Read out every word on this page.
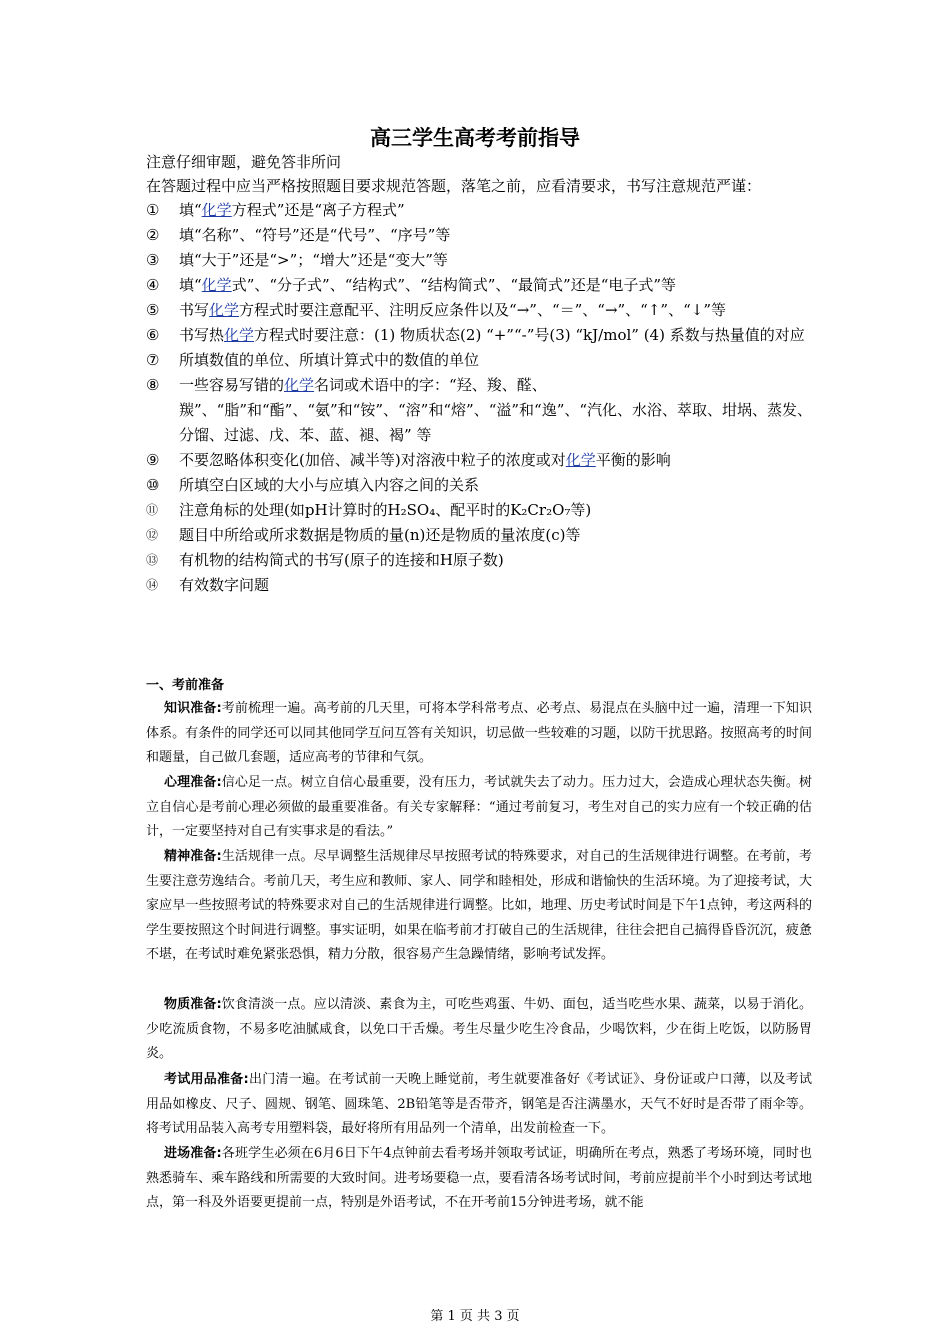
高三学生高考考前指导
注意仔细审题，避免答非所问
在答题过程中应当严格按照题目要求规范答题，落笔之前，应看清要求，书写注意规范严谨：
①	填“化学方程式”还是“离子方程式”
②	填“名称”、“符号”还是“代号”、“序号”等
③	填“大于”还是“>”；“增大”还是“变大”等
④	填“化学式”、“分子式”、“结构式”、“结构简式”、“最简式”还是“电子式”等
⑤	书写化学方程式时要注意配平、注明反应条件以及“→”、“＝”、“→”、“↑”、“↓”等
⑥	书写热化学方程式时要注意：(1) 物质状态(2) “+”“-”号(3) “kJ/mol” (4) 系数与热量值的对应
⑦	所填数值的单位、所填计算式中的数值的单位
⑧	一些容易写错的化学名词或术语中的字：“羟、羧、醛、羰”、“脂”和“酯”、“氨”和“铵”、“溶”和“熔”、“溢”和“逸”、“汽化、水浴、萃取、坩埚、蒸发、分馏、过滤、戊、苯、蓝、褪、褐” 等
⑨	不要忽略体积变化(加倍、减半等)对溶液中粒子的浓度或对化学平衡的影响
⑩	所填空白区域的大小与应填入内容之间的关系
⑪	注意角标的处理(如pH计算时的H₂SO₄、配平时的K₂Cr₂O₇等)
⑫	题目中所给或所求数据是物质的量(n)还是物质的量浓度(c)等
⑬	有机物的结构简式的书写(原子的连接和H原子数)
⑭	有效数字问题
一、考前准备
知识准备:考前梳理一遍。高考前的几天里，可将本学科常考点、必考点、易混点在头脑中过一遍，清理一下知识体系。有条件的同学还可以同其他同学互问互答有关知识，切忌做一些较难的习题，以防干扰思路。按照高考的时间和题量，自己做几套题，适应高考的节律和气氛。
心理准备:信心足一点。树立自信心最重要，没有压力，考试就失去了动力。压力过大，会造成心理状态失衡。树立自信心是考前心理必须做的最重要准备。有关专家解释：“通过考前复习，考生对自己的实力应有一个较正确的估计，一定要坚持对自己有实事求是的看法。”
精神准备:生活规律一点。尽早调整生活规律尽早按照考试的特殊要求，对自己的生活规律进行调整。在考前，考生要注意劳逸结合。考前几天，考生应和教师、家人、同学和睦相处，形成和谐愉快的生活环境。为了迎接考试，大家应早一些按照考试的特殊要求对自己的生活规律进行调整。比如，地理、历史考试时间是下午1点钟，考这两科的学生要按照这个时间进行调整。事实证明，如果在临考前才打破自己的生活规律，往往会把自己搞得昏昏沉沉，疲惫不堪，在考试时难免紧张恐惧，精力分散，很容易产生急躁情绪，影响考试发挥。
物质准备:饮食清淡一点。应以清淡、素食为主，可吃些鸡蛋、牛奶、面包，适当吃些水果、蔬菜，以易于消化。少吃流质食物，不易多吃油腻咸食，以免口干舌燥。考生尽量少吃生冷食品，少喝饮料，少在街上吃饭，以防肠胃炎。
考试用品准备:出门清一遍。在考试前一天晚上睡觉前，考生就要准备好《考试证》、身份证或户口薄，以及考试用品如橡皮、尺子、圆规、钢笔、圆珠笔、2B铅笔等是否带齐，钢笔是否注满墨水，天气不好时是否带了雨伞等。将考试用品装入高考专用塑料袋，最好将所有用品列一个清单，出发前检查一下。
进场准备:各班学生必须在6月6日下午4点钟前去看考场并领取考试证，明确所在考点，熟悉了考场环境，同时也熟悉骑车、乘车路线和所需要的大致时间。进考场要稳一点，要看清各场考试时间，考前应提前半个小时到达考试地点，第一科及外语要更提前一点，特别是外语考试，不在开考前15分钟进考场，就不能
第 1 页 共 3 页
